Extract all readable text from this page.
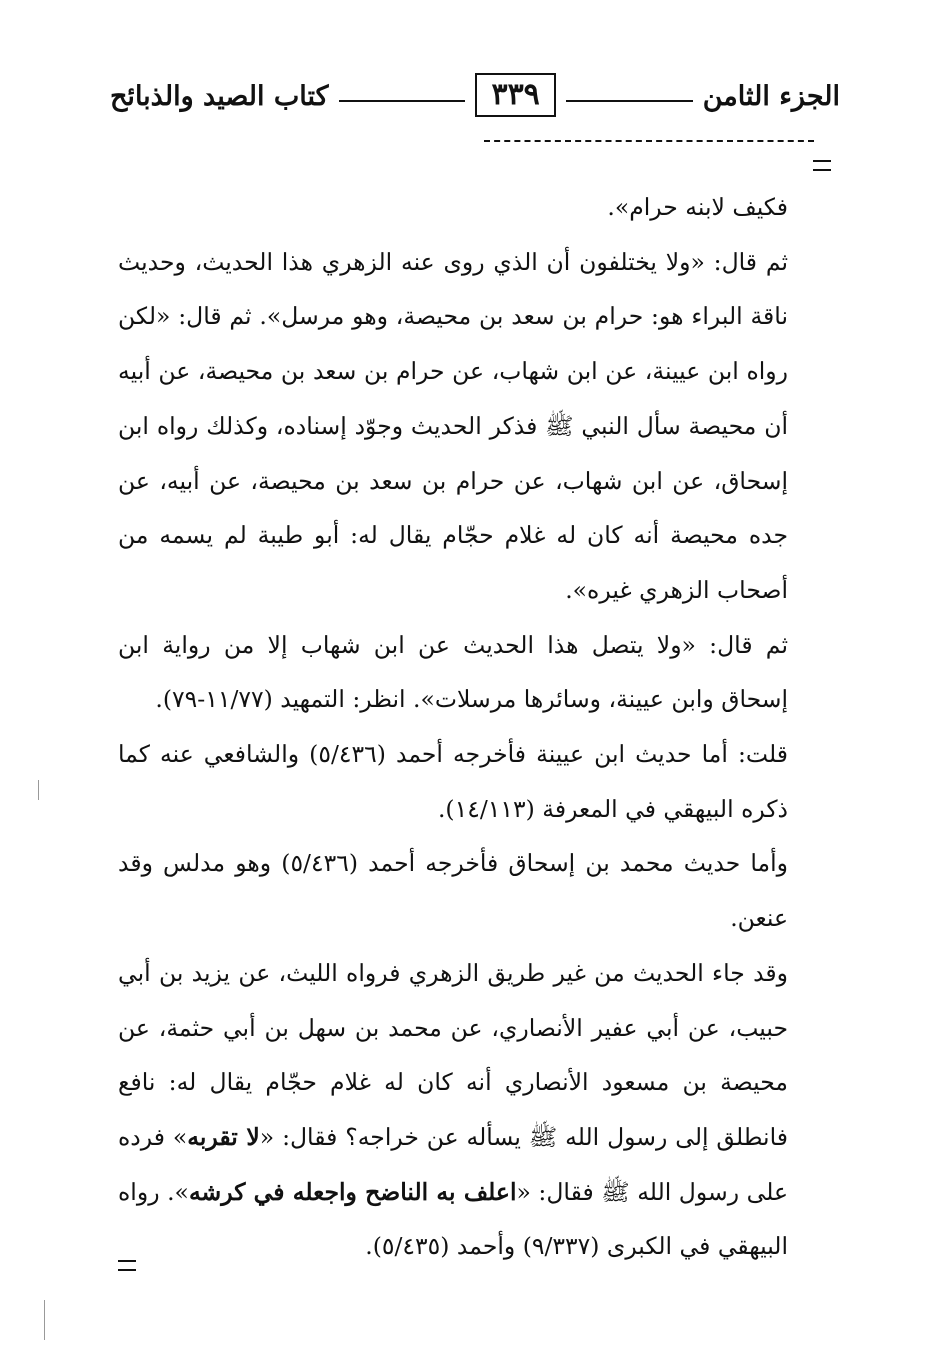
الجزء الثامن
٣٣٩
كتاب الصيد والذبائح

فكيف لابنه حرام».

ثم قال: «ولا يختلفون أن الذي روى عنه الزهري هذا الحديث، وحديث ناقة البراء هو: حرام بن سعد بن محيصة، وهو مرسل». ثم قال: «لكن رواه ابن عيينة، عن ابن شهاب، عن حرام بن سعد بن محيصة، عن أبيه أن محيصة سأل النبي ﷺ فذكر الحديث وجوّد إسناده، وكذلك رواه ابن إسحاق، عن ابن شهاب، عن حرام بن سعد بن محيصة، عن أبيه، عن جده محيصة أنه كان له غلام حجّام يقال له: أبو طيبة لم يسمه من أصحاب الزهري غيره».

ثم قال: «ولا يتصل هذا الحديث عن ابن شهاب إلا من رواية ابن إسحاق وابن عيينة، وسائرها مرسلات». انظر: التمهيد (١١/٧٧-٧٩).

قلت: أما حديث ابن عيينة فأخرجه أحمد (٥/٤٣٦) والشافعي عنه كما ذكره البيهقي في المعرفة (١٤/١١٣).

وأما حديث محمد بن إسحاق فأخرجه أحمد (٥/٤٣٦) وهو مدلس وقد عنعن.

وقد جاء الحديث من غير طريق الزهري فرواه الليث، عن يزيد بن أبي حبيب، عن أبي عفير الأنصاري، عن محمد بن سهل بن أبي حثمة، عن محيصة بن مسعود الأنصاري أنه كان له غلام حجّام يقال له: نافع فانطلق إلى رسول الله ﷺ يسأله عن خراجه؟ فقال: «لا تقربه» فرده على رسول الله ﷺ فقال: «اعلف به الناضح واجعله في كرشه». رواه البيهقي في الكبرى (٩/٣٣٧) وأحمد (٥/٤٣٥).
